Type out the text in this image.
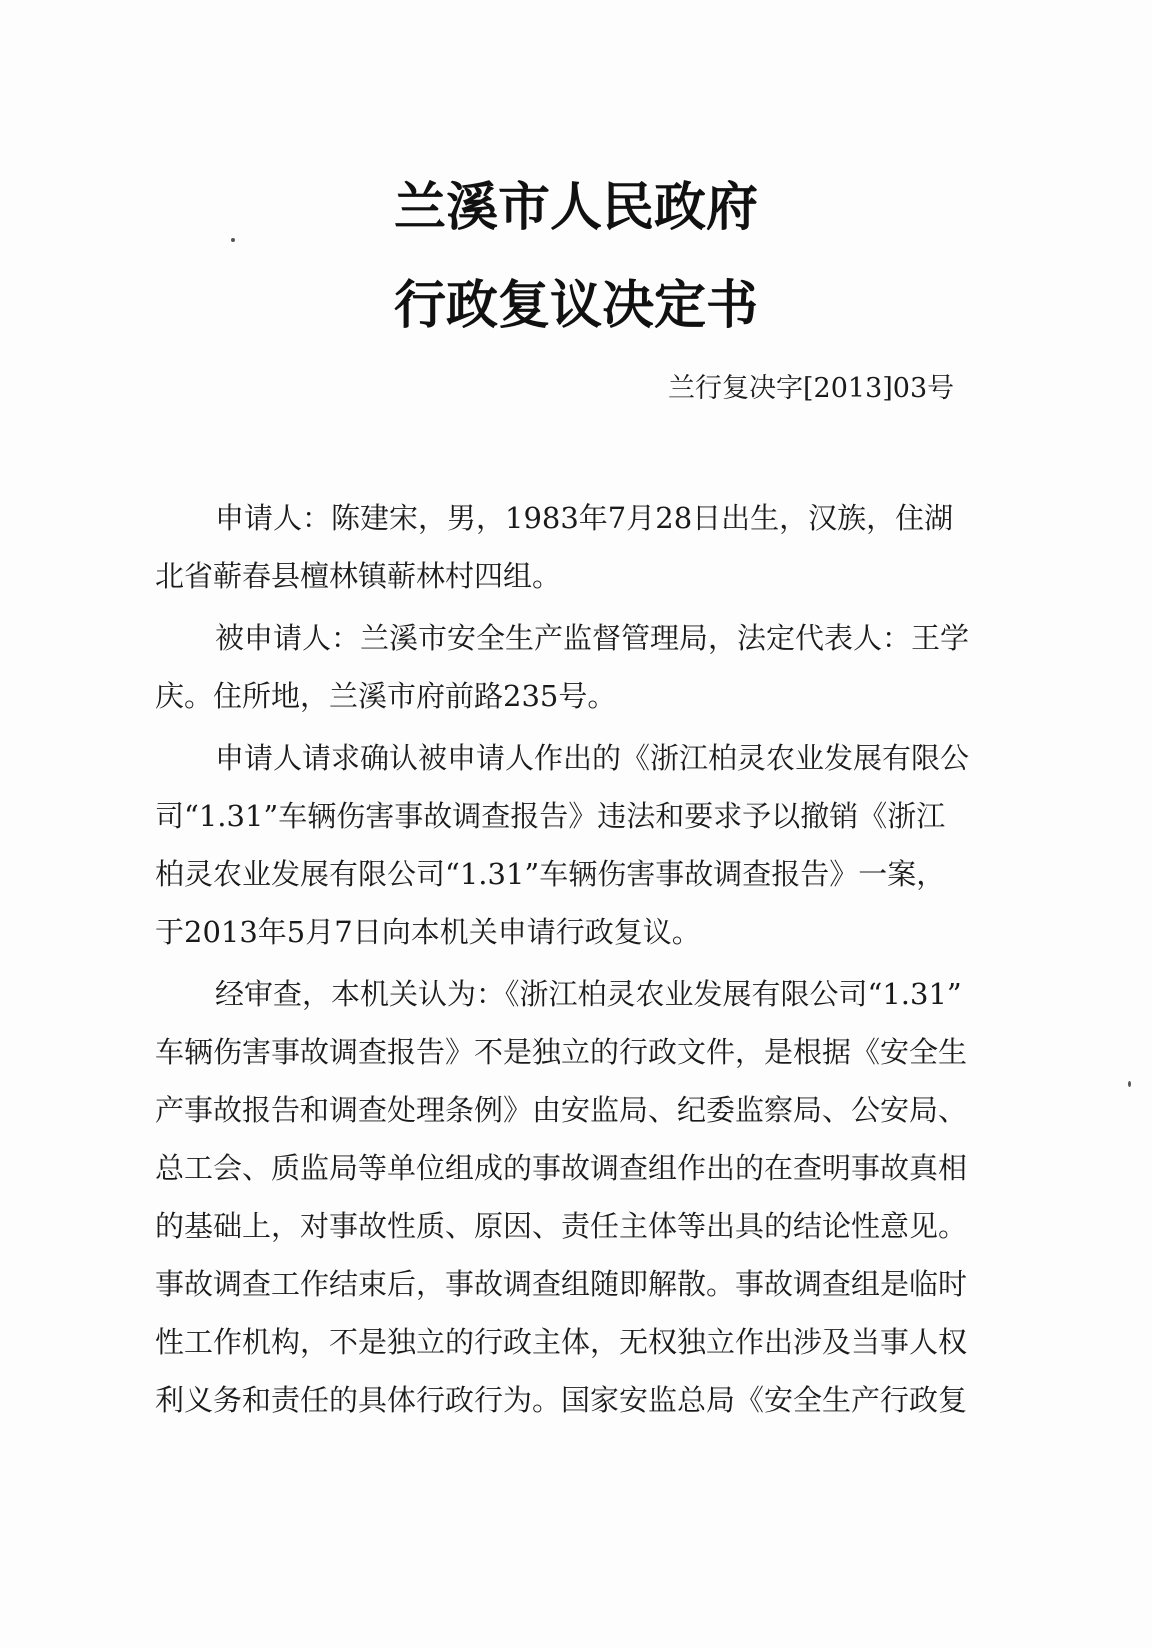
兰溪市人民政府
行政复议决定书
兰行复决字[2013]03号
申请人：陈建宋，男，1983年7月28日出生，汉族，住湖
北省蕲春县檀林镇蕲林村四组。
被申请人：兰溪市安全生产监督管理局，法定代表人：王学
庆。住所地，兰溪市府前路235号。
申请人请求确认被申请人作出的《浙江柏灵农业发展有限公
司“1.31”车辆伤害事故调查报告》违法和要求予以撤销《浙江
柏灵农业发展有限公司“1.31”车辆伤害事故调查报告》一案，
于2013年5月7日向本机关申请行政复议。
经审查，本机关认为：《浙江柏灵农业发展有限公司“1.31”
车辆伤害事故调查报告》不是独立的行政文件，是根据《安全生
产事故报告和调查处理条例》由安监局、纪委监察局、公安局、
总工会、质监局等单位组成的事故调查组作出的在查明事故真相
的基础上，对事故性质、原因、责任主体等出具的结论性意见。
事故调查工作结束后，事故调查组随即解散。事故调查组是临时
性工作机构，不是独立的行政主体，无权独立作出涉及当事人权
利义务和责任的具体行政行为。国家安监总局《安全生产行政复
